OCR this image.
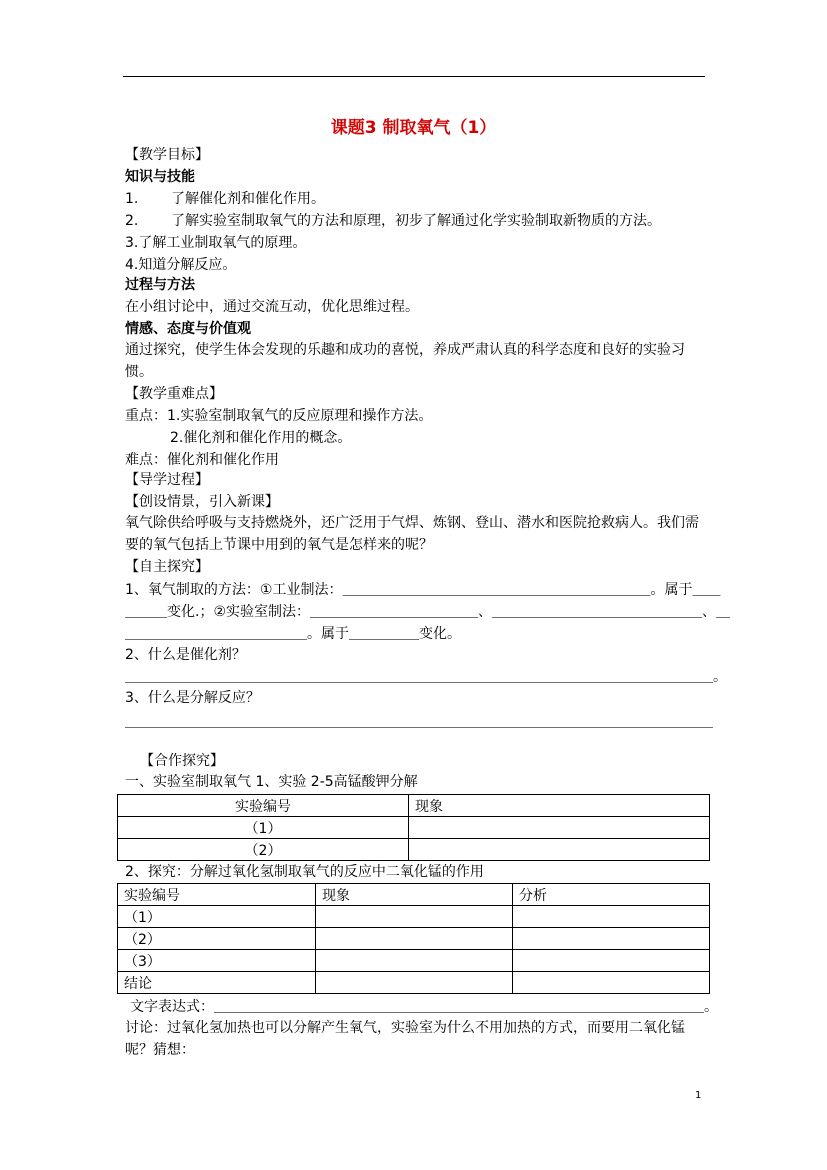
课题3 制取氧气（1）
【教学目标】
知识与技能
1. 了解催化剂和催化作用。
2. 了解实验室制取氧气的方法和原理，初步了解通过化学实验制取新物质的方法。
3.了解工业制取氧气的原理。
4.知道分解反应。
过程与方法
在小组讨论中，通过交流互动，优化思维过程。
情感、态度与价值观
通过探究，使学生体会发现的乐趣和成功的喜悦，养成严肃认真的科学态度和良好的实验习惯。
【教学重难点】
重点：1.实验室制取氧气的反应原理和操作方法。
2.催化剂和催化作用的概念。
难点：催化剂和催化作用
【导学过程】
【创设情景，引入新课】
氧气除供给呼吸与支持燃烧外，还广泛用于气焊、炼钢、登山、潜水和医院抢救病人。我们需要的氧气包括上节课中用到的氧气是怎样来的呢？
【自主探究】
1、氧气制取的方法：①工业制法：＿＿＿＿＿＿＿＿＿＿＿＿＿＿＿＿＿＿＿＿＿＿。属于＿＿
＿＿＿变化.；②实验室制法：＿＿＿＿＿＿＿＿＿＿＿＿、＿＿＿＿＿＿＿＿＿＿＿＿＿＿＿、＿
＿＿＿＿＿＿＿＿＿＿＿＿＿。属于＿＿＿＿＿变化。
2、什么是催化剂？
＿＿＿＿＿＿＿＿＿＿＿＿＿＿＿＿＿＿＿＿＿＿＿＿＿＿＿＿＿＿＿＿＿＿＿＿＿＿＿＿＿＿。
3、什么是分解反应？
＿＿＿＿＿＿＿＿＿＿＿＿＿＿＿＿＿＿＿＿＿＿＿＿＿＿＿＿＿＿＿＿＿＿＿＿＿＿＿＿＿＿
【合作探究】
一、实验室制取氧气 1、实验 2-5高锰酸钾分解
实验编号	现象
（1）	
（2）	
2、探究：分解过氧化氢制取氧气的反应中二氧化锰的作用
实验编号	现象	分析
（1）		
（2）		
（3）		
结论		
文字表达式：＿＿＿＿＿＿＿＿＿＿＿＿＿＿＿＿＿＿＿＿＿＿＿＿＿＿＿＿＿＿＿＿＿＿＿。
讨论：过氧化氢加热也可以分解产生氧气，实验室为什么不用加热的方式，而要用二氧化锰呢？猜想：
1
